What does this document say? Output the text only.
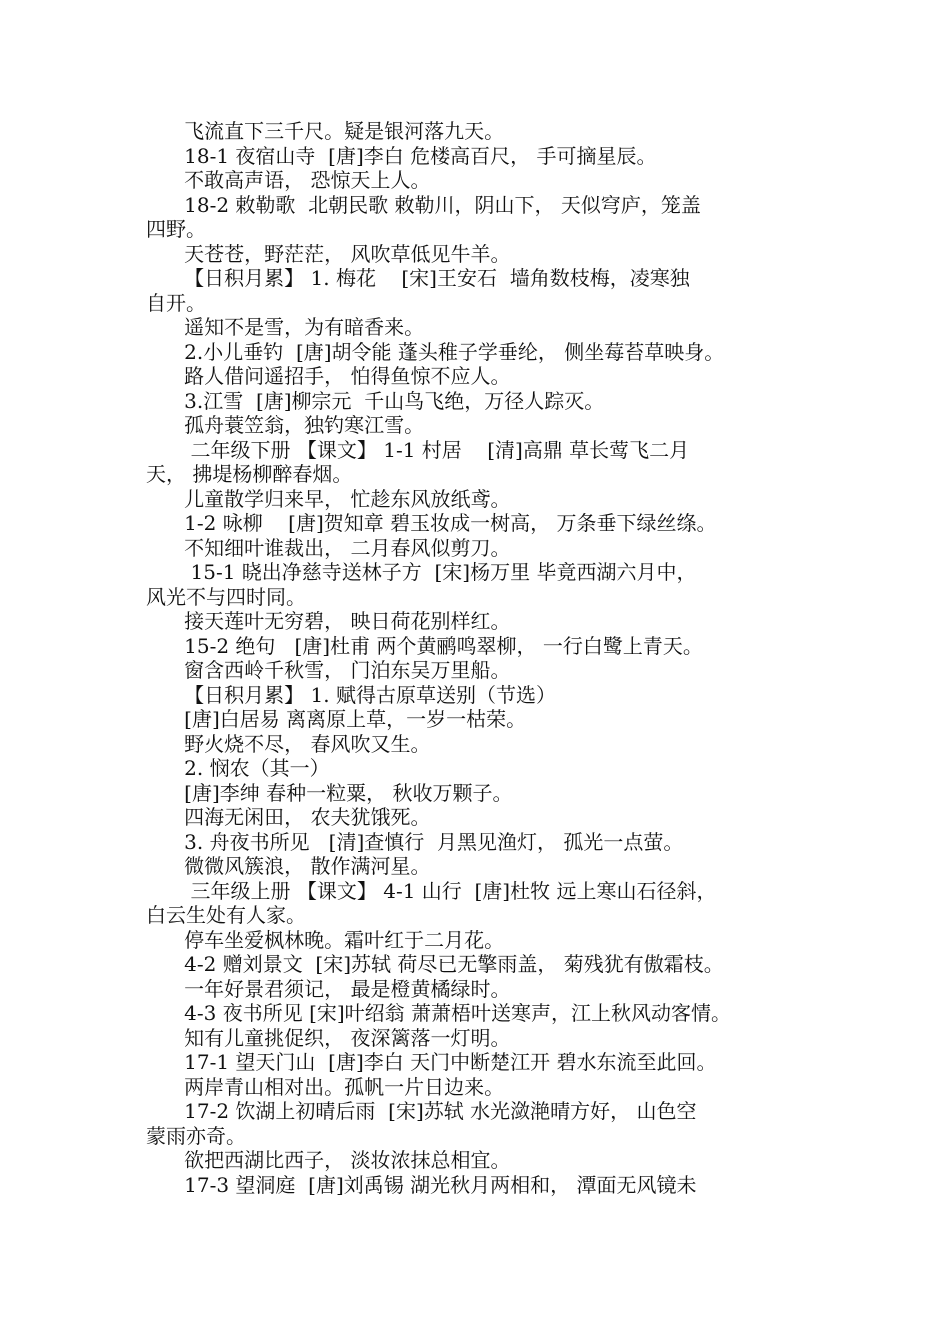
飞流直下三千尺。疑是银河落九天。
18-1 夜宿山寺  [唐]李白 危楼高百尺， 手可摘星辰。
不敢高声语， 恐惊天上人。
18-2 敕勒歌  北朝民歌 敕勒川，阴山下， 天似穹庐，笼盖
四野。
天苍苍，野茫茫， 风吹草低见牛羊。
【日积月累】 1. 梅花    [宋]王安石  墙角数枝梅，凌寒独
自开。
遥知不是雪，为有暗香来。
2.小儿垂钓  [唐]胡令能 蓬头稚子学垂纶， 侧坐莓苔草映身。
路人借问遥招手， 怕得鱼惊不应人。
3.江雪  [唐]柳宗元  千山鸟飞绝，万径人踪灭。
孤舟蓑笠翁，独钓寒江雪。
二年级下册 【课文】 1-1 村居    [清]高鼎 草长莺飞二月
天， 拂堤杨柳醉春烟。
儿童散学归来早， 忙趁东风放纸鸢。
1-2 咏柳    [唐]贺知章 碧玉妆成一树高， 万条垂下绿丝绦。
不知细叶谁裁出， 二月春风似剪刀。
15-1 晓出净慈寺送林子方  [宋]杨万里 毕竟西湖六月中，
风光不与四时同。
接天莲叶无穷碧， 映日荷花别样红。
15-2 绝句   [唐]杜甫 两个黄鹂鸣翠柳， 一行白鹭上青天。
窗含西岭千秋雪， 门泊东吴万里船。
【日积月累】 1. 赋得古原草送别（节选）
[唐]白居易 离离原上草，一岁一枯荣。
野火烧不尽， 春风吹又生。
2. 悯农（其一）
[唐]李绅 春种一粒粟， 秋收万颗子。
四海无闲田， 农夫犹饿死。
3. 舟夜书所见   [清]查慎行  月黑见渔灯， 孤光一点萤。
微微风簇浪， 散作满河星。
三年级上册 【课文】 4-1 山行  [唐]杜牧 远上寒山石径斜，
白云生处有人家。
停车坐爱枫林晚。霜叶红于二月花。
4-2 赠刘景文  [宋]苏轼 荷尽已无擎雨盖， 菊残犹有傲霜枝。
一年好景君须记， 最是橙黄橘绿时。
4-3 夜书所见 [宋]叶绍翁 萧萧梧叶送寒声，江上秋风动客情。
知有儿童挑促织， 夜深篱落一灯明。
17-1 望天门山  [唐]李白 天门中断楚江开 碧水东流至此回。
两岸青山相对出。孤帆一片日边来。
17-2 饮湖上初晴后雨  [宋]苏轼 水光潋滟晴方好， 山色空
蒙雨亦奇。
欲把西湖比西子， 淡妆浓抹总相宜。
17-3 望洞庭  [唐]刘禹锡 湖光秋月两相和， 潭面无风镜未
